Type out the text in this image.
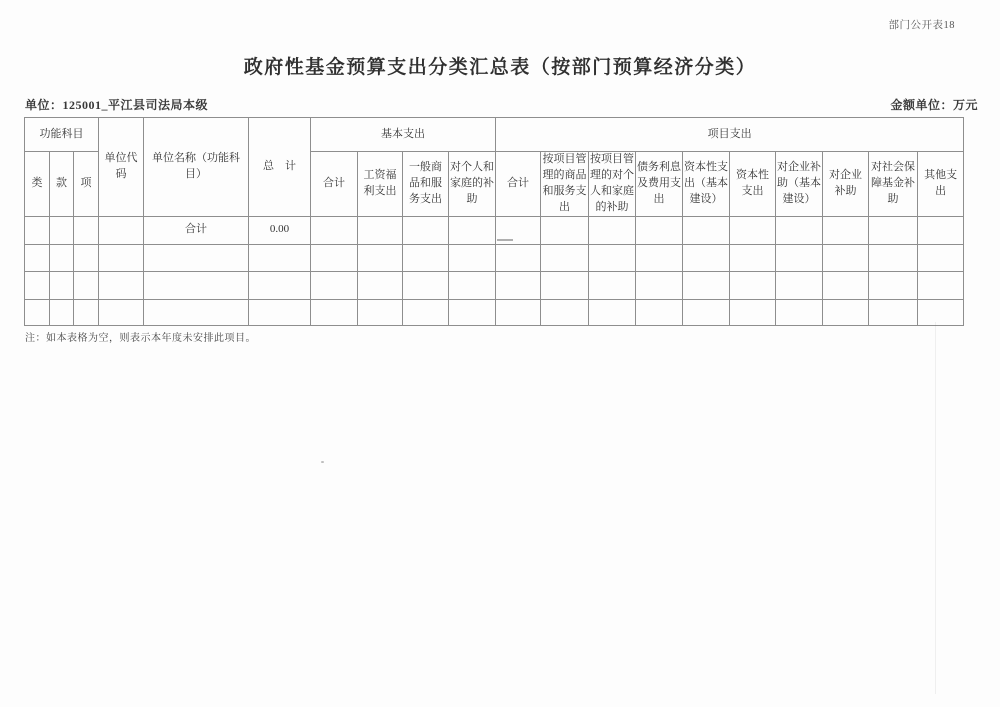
部门公开表18
政府性基金预算支出分类汇总表（按部门预算经济分类）
单位：125001_平江县司法局本级	金额单位：万元
功能科目			单位代码	单位名称（功能科目）	总　计	基本支出				项目支出									
类	款	项				合计	工资福利支出	一般商品和服务支出	对个人和家庭的补助	合计	按项目管理的商品和服务支出	按项目管理的对个人和家庭的补助	债务利息及费用支出	资本性支出（基本建设）	资本性支出	对企业补助（基本建设）	对企业补助	对社会保障基金补助	其他支出
				合计	0.00														

注：如本表格为空，则表示本年度未安排此项目。
